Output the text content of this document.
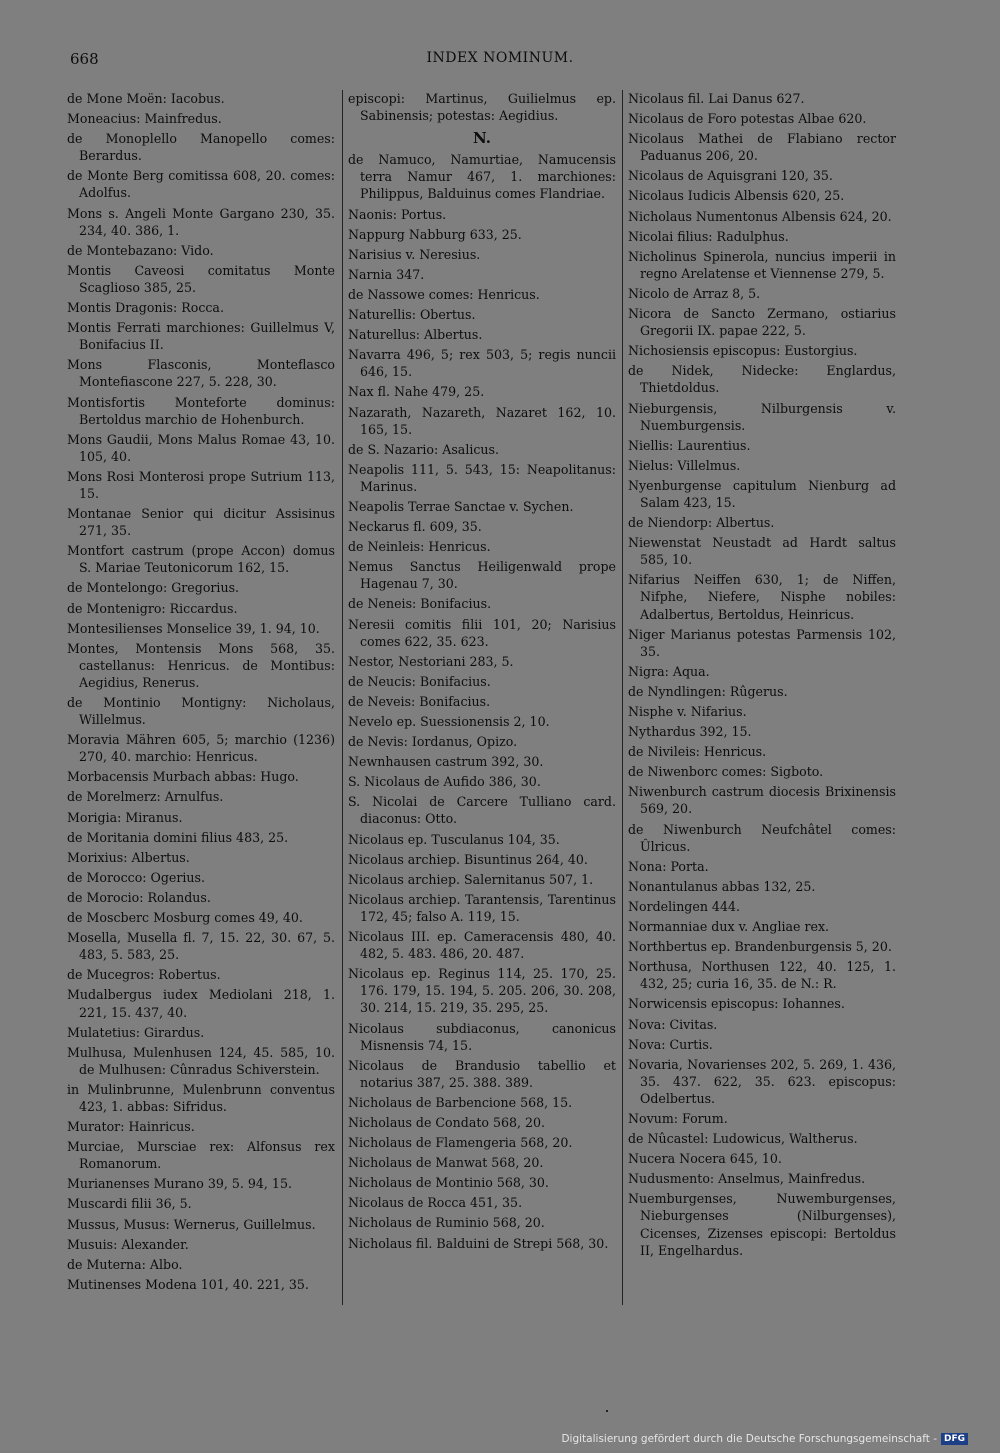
668	INDEX NOMINUM.

de Mone Moën: Iacobus.

Moneacius: Mainfredus.

de Monoplello Manopello comes: Berardus.

de Monte Berg comitissa 608, 20. comes: Adolfus.

Mons s. Angeli Monte Gargano 230, 35. 234, 40. 386, 1.

de Montebazano: Vido.

Montis Caveosi comitatus Monte Scaglioso 385, 25.

Montis Dragonis: Rocca.

Montis Ferrati marchiones: Guillelmus V, Bonifacius II.

Mons Flasconis, Monteflasco Montefiascone 227, 5. 228, 30.

Montisfortis Monteforte dominus: Bertoldus marchio de Hohenburch.

Mons Gaudii, Mons Malus Romae 43, 10. 105, 40.

Mons Rosi Monterosi prope Sutrium 113, 15.

Montanae Senior qui dicitur Assisinus 271, 35.

Montfort castrum (prope Accon) domus S. Mariae Teutonicorum 162, 15.

de Montelongo: Gregorius.

de Montenigro: Riccardus.

Montesilienses Monselice 39, 1. 94, 10.

Montes, Montensis Mons 568, 35. castellanus: Henricus. de Montibus: Aegidius, Renerus.

de Montinio Montigny: Nicholaus, Willelmus.

Moravia Mähren 605, 5; marchio (1236) 270, 40. marchio: Henricus.

Morbacensis Murbach abbas: Hugo.

de Morelmerz: Arnulfus.

Morigia: Miranus.

de Moritania domini filius 483, 25.

Morixius: Albertus.

de Morocco: Ogerius.

de Morocio: Rolandus.

de Moscberc Mosburg comes 49, 40.

Mosella, Musella fl. 7, 15. 22, 30. 67, 5. 483, 5. 583, 25.

de Mucegros: Robertus.

Mudalbergus iudex Mediolani 218, 1. 221, 15. 437, 40.

Mulatetius: Girardus.

Mulhusa, Mulenhusen 124, 45. 585, 10. de Mulhusen: Cûnradus Schiverstein.

in Mulinbrunne, Mulenbrunn conventus 423, 1. abbas: Sifridus.

Murator: Hainricus.

Murciae, Mursciae rex: Alfonsus rex Romanorum.

Murianenses Murano 39, 5. 94, 15.

Muscardi filii 36, 5.

Mussus, Musus: Wernerus, Guillelmus.

Musuis: Alexander.

de Muterna: Albo.

Mutinenses Modena 101, 40. 221, 35.

episcopi: Martinus, Guilielmus ep. Sabinensis; potestas: Aegidius.

N.

de Namuco, Namurtiae, Namucensis terra Namur 467, 1. marchiones: Philippus, Balduinus comes Flandriae.

Naonis: Portus.

Nappurg Nabburg 633, 25.

Narisius v. Neresius.

Narnia 347.

de Nassowe comes: Henricus.

Naturellis: Obertus.

Naturellus: Albertus.

Navarra 496, 5; rex 503, 5; regis nuncii 646, 15.

Nax fl. Nahe 479, 25.

Nazarath, Nazareth, Nazaret 162, 10. 165, 15.

de S. Nazario: Asalicus.

Neapolis 111, 5. 543, 15: Neapolitanus: Marinus.

Neapolis Terrae Sanctae v. Sychen.

Neckarus fl. 609, 35.

de Neinleis: Henricus.

Nemus Sanctus Heiligenwald prope Hagenau 7, 30.

de Neneis: Bonifacius.

Neresii comitis filii 101, 20; Narisius comes 622, 35. 623.

Nestor, Nestoriani 283, 5.

de Neucis: Bonifacius.

de Neveis: Bonifacius.

Nevelo ep. Suessionensis 2, 10.

de Nevis: Iordanus, Opizo.

Newnhausen castrum 392, 30.

S. Nicolaus de Aufido 386, 30.

S. Nicolai de Carcere Tulliano card. diaconus: Otto.

Nicolaus ep. Tusculanus 104, 35.

Nicolaus archiep. Bisuntinus 264, 40.

Nicolaus archiep. Salernitanus 507, 1.

Nicolaus archiep. Tarantensis, Tarentinus 172, 45; falso A. 119, 15.

Nicolaus III. ep. Cameracensis 480, 40. 482, 5. 483. 486, 20. 487.

Nicolaus ep. Reginus 114, 25. 170, 25. 176. 179, 15. 194, 5. 205. 206, 30. 208, 30. 214, 15. 219, 35. 295, 25.

Nicolaus subdiaconus, canonicus Misnensis 74, 15.

Nicolaus de Brandusio tabellio et notarius 387, 25. 388. 389.

Nicholaus de Barbencione 568, 15.

Nicholaus de Condato 568, 20.

Nicholaus de Flamengeria 568, 20.

Nicholaus de Manwat 568, 20.

Nicholaus de Montinio 568, 30.

Nicolaus de Rocca 451, 35.

Nicholaus de Ruminio 568, 20.

Nicholaus fil. Balduini de Strepi 568, 30.

Nicolaus fil. Lai Danus 627.

Nicolaus de Foro potestas Albae 620.

Nicolaus Mathei de Flabiano rector Paduanus 206, 20.

Nicolaus de Aquisgrani 120, 35.

Nicolaus Iudicis Albensis 620, 25.

Nicholaus Numentonus Albensis 624, 20.

Nicolai filius: Radulphus.

Nicholinus Spinerola, nuncius imperii in regno Arelatense et Viennense 279, 5.

Nicolo de Arraz 8, 5.

Nicora de Sancto Zermano, ostiarius Gregorii IX. papae 222, 5.

Nichosiensis episcopus: Eustorgius.

de Nidek, Nidecke: Englardus, Thietdoldus.

Nieburgensis, Nilburgensis v. Nuemburgensis.

Niellis: Laurentius.

Nielus: Villelmus.

Nyenburgense capitulum Nienburg ad Salam 423, 15.

de Niendorp: Albertus.

Niewenstat Neustadt ad Hardt saltus 585, 10.

Nifarius Neiffen 630, 1; de Niffen, Nifphe, Niefere, Nisphe nobiles: Adalbertus, Bertoldus, Heinricus.

Niger Marianus potestas Parmensis 102, 35.

Nigra: Aqua.

de Nyndlingen: Rûgerus.

Nisphe v. Nifarius.

Nythardus 392, 15.

de Nivileis: Henricus.

de Niwenborc comes: Sigboto.

Niwenburch castrum diocesis Brixinensis 569, 20.

de Niwenburch Neufchâtel comes: Ûlricus.

Nona: Porta.

Nonantulanus abbas 132, 25.

Nordelingen 444.

Normanniae dux v. Angliae rex.

Northbertus ep. Brandenburgensis 5, 20.

Northusa, Northusen 122, 40. 125, 1. 432, 25; curia 16, 35. de N.: R.

Norwicensis episcopus: Iohannes.

Nova: Civitas.

Nova: Curtis.

Novaria, Novarienses 202, 5. 269, 1. 436, 35. 437. 622, 35. 623. episcopus: Odelbertus.

Novum: Forum.

de Nûcastel: Ludowicus, Waltherus.

Nucera Nocera 645, 10.

Nudusmento: Anselmus, Mainfredus.

Nuemburgenses, Nuwemburgenses, Nieburgenses (Nilburgenses), Cicenses, Zizenses episcopi: Bertoldus II, Engelhardus.

Digitalisierung gefördert durch die Deutsche Forschungsgemeinschaft - DFG
